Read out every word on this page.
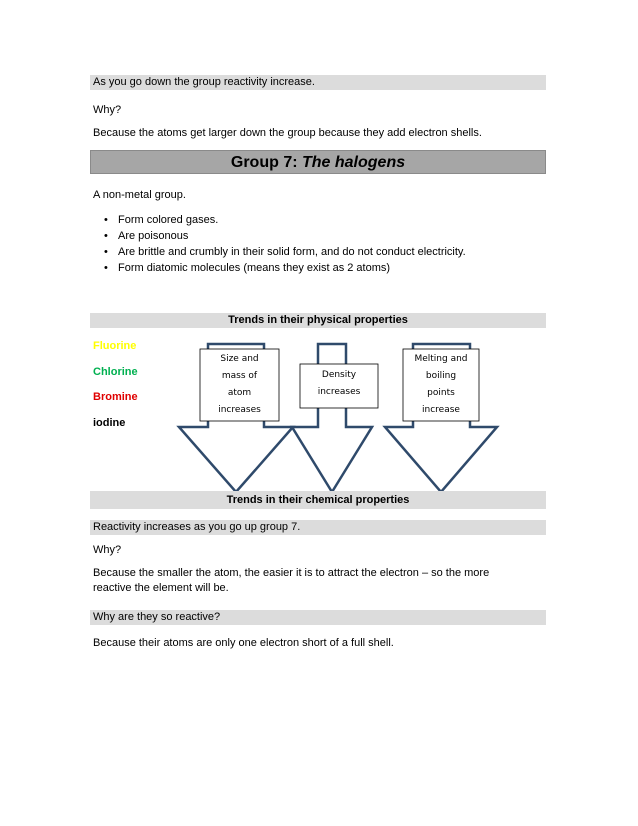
As you go down the group reactivity increase.
Why?
Because the atoms get larger down the group because they add electron shells.
Group 7: The halogens
A non-metal group.
• Form colored gases.
• Are poisonous
• Are brittle and crumbly in their solid form, and do not conduct electricity.
• Form diatomic molecules (means they exist as 2 atoms)
Trends in their physical properties
Fluorine
Chlorine
Bromine
iodine
Size and
mass of
atom
increases
Density
increases
Melting and
boiling
points
increase
Trends in their chemical properties
Reactivity increases as you go up group 7.
Why?
Because the smaller the atom, the easier it is to attract the electron – so the more
reactive the element will be.
Why are they so reactive?
Because their atoms are only one electron short of a full shell.
